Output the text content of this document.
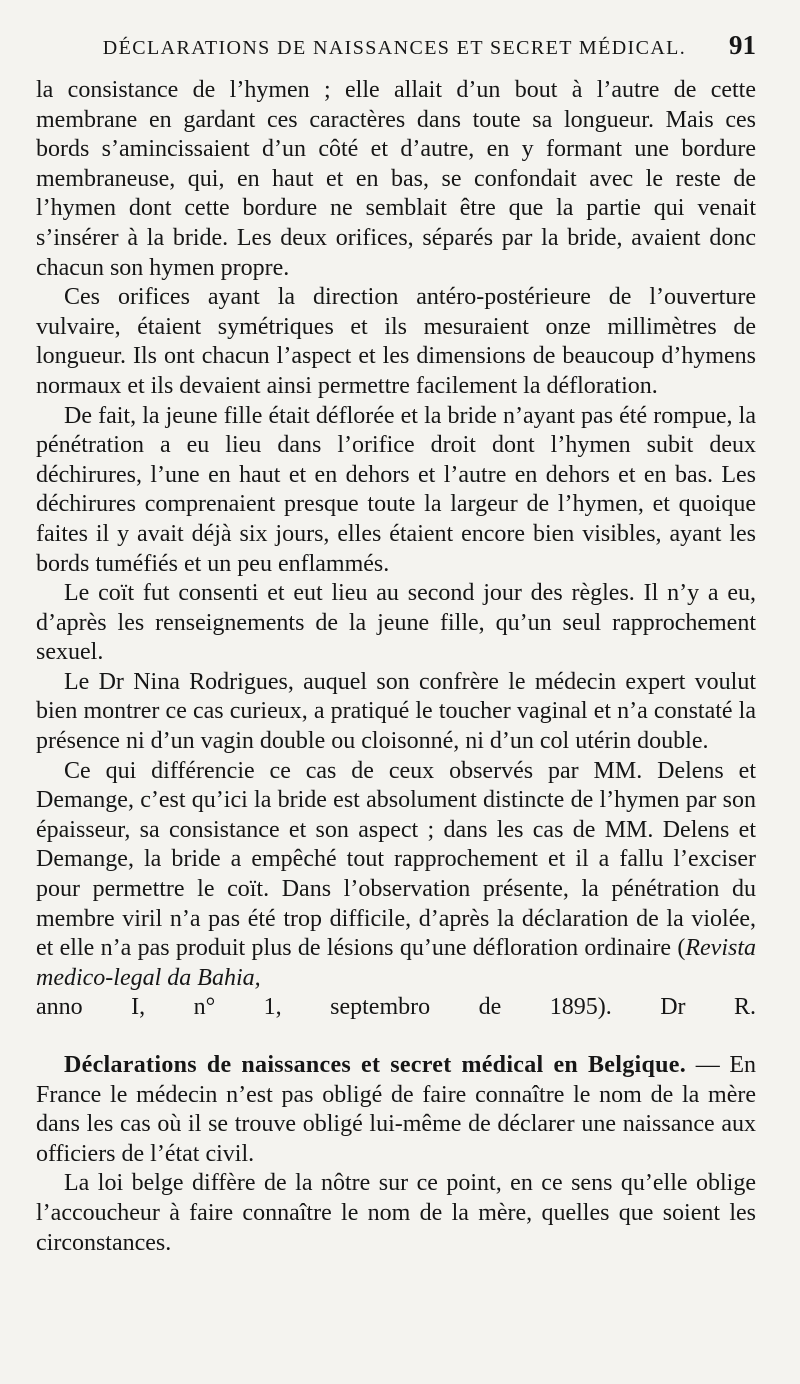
DÉCLARATIONS DE NAISSANCES ET SECRET MÉDICAL.	91

la consistance de l’hymen ; elle allait d’un bout à l’autre de cette membrane en gardant ces caractères dans toute sa longueur. Mais ces bords s’amincissaient d’un côté et d’autre, en y formant une bordure membraneuse, qui, en haut et en bas, se confondait avec le reste de l’hymen dont cette bordure ne semblait être que la partie qui venait s’insérer à la bride. Les deux orifices, séparés par la bride, avaient donc chacun son hymen propre.

Ces orifices ayant la direction antéro-postérieure de l’ouverture vulvaire, étaient symétriques et ils mesuraient onze millimètres de longueur. Ils ont chacun l’aspect et les dimensions de beaucoup d’hymens normaux et ils devaient ainsi permettre facilement la défloration.

De fait, la jeune fille était déflorée et la bride n’ayant pas été rompue, la pénétration a eu lieu dans l’orifice droit dont l’hymen subit deux déchirures, l’une en haut et en dehors et l’autre en dehors et en bas. Les déchirures comprenaient presque toute la largeur de l’hymen, et quoique faites il y avait déjà six jours, elles étaient encore bien visibles, ayant les bords tuméfiés et un peu enflammés.

Le coït fut consenti et eut lieu au second jour des règles. Il n’y a eu, d’après les renseignements de la jeune fille, qu’un seul rapprochement sexuel.

Le Dr Nina Rodrigues, auquel son confrère le médecin expert voulut bien montrer ce cas curieux, a pratiqué le toucher vaginal et n’a constaté la présence ni d’un vagin double ou cloisonné, ni d’un col utérin double.

Ce qui différencie ce cas de ceux observés par MM. Delens et Demange, c’est qu’ici la bride est absolument distincte de l’hymen par son épaisseur, sa consistance et son aspect ; dans les cas de MM. Delens et Demange, la bride a empêché tout rapprochement et il a fallu l’exciser pour permettre le coït. Dans l’observation présente, la pénétration du membre viril n’a pas été trop difficile, d’après la déclaration de la violée, et elle n’a pas produit plus de lésions qu’une défloration ordinaire (Revista medico-legal da Bahia,

anno I, n° 1, septembro de 1895). Dr R.

Déclarations de naissances et secret médical en Belgique. — En France le médecin n’est pas obligé de faire connaître le nom de la mère dans les cas où il se trouve obligé lui-même de déclarer une naissance aux officiers de l’état civil.

La loi belge diffère de la nôtre sur ce point, en ce sens qu’elle oblige l’accoucheur à faire connaître le nom de la mère, quelles que soient les circonstances.
